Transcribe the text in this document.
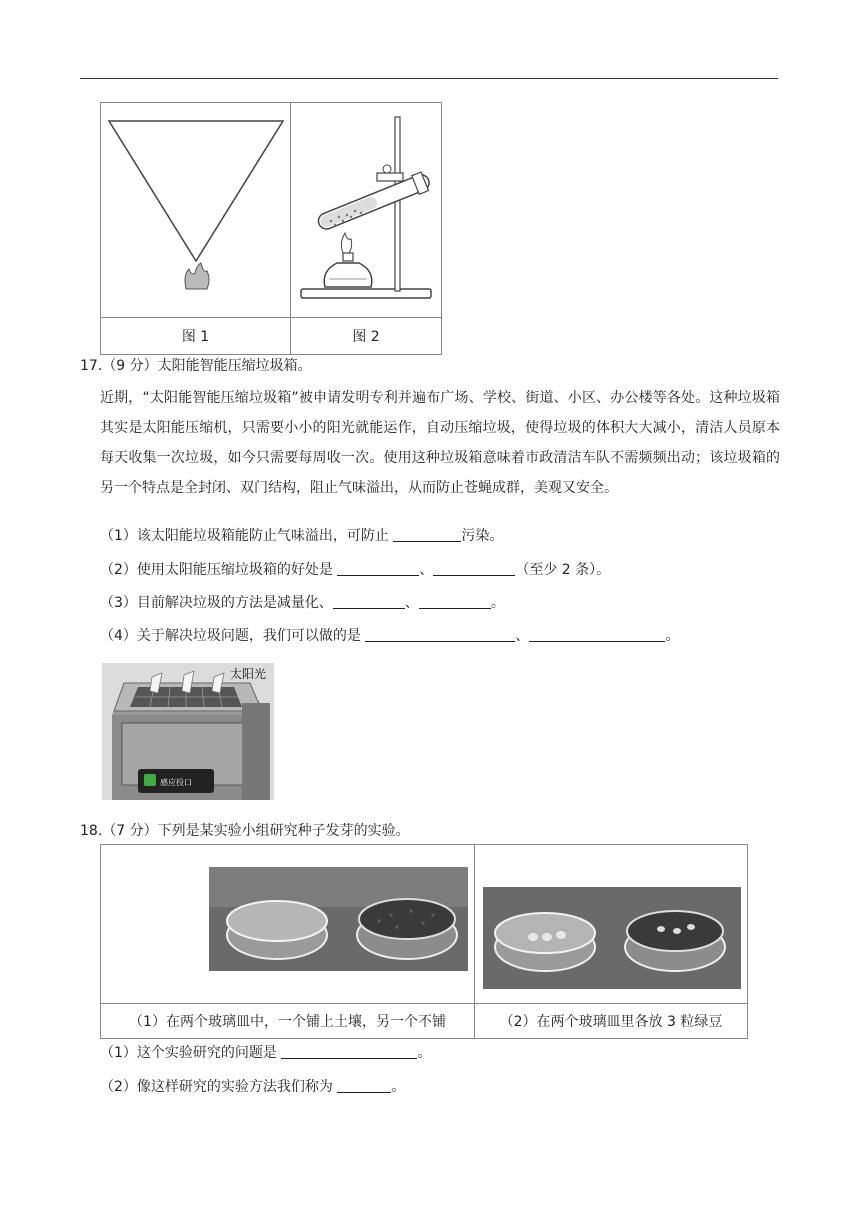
图 1	图 2
17.（9 分）太阳能智能压缩垃圾箱。
近期，“太阳能智能压缩垃圾箱”被申请发明专利并遍布广场、学校、街道、小区、办公楼等各处。这种垃圾箱其实是太阳能压缩机，只需要小小的阳光就能运作，自动压缩垃圾，使得垃圾的体积大大减小，清洁人员原本每天收集一次垃圾，如今只需要每周收一次。使用这种垃圾箱意味着市政清洁车队不需频频出动；该垃圾箱的另一个特点是全封闭、双门结构，阻止气味溢出，从而防止苍蝇成群，美观又安全。
（1）该太阳能垃圾箱能防止气味溢出，可防止	污染。
（2）使用太阳能压缩垃圾箱的好处是	、	（至少 2 条）。
（3）目前解决垃圾的方法是减量化、	、	。
（4）关于解决垃圾问题，我们可以做的是	、	。
感应投口
太阳光
18.（7 分）下列是某实验小组研究种子发芽的实验。

（1）在两个玻璃皿中，一个铺上土壤，另一个不铺	（2）在两个玻璃皿里各放 3 粒绿豆
（1）这个实验研究的问题是	。
（2）像这样研究的实验方法我们称为	。
